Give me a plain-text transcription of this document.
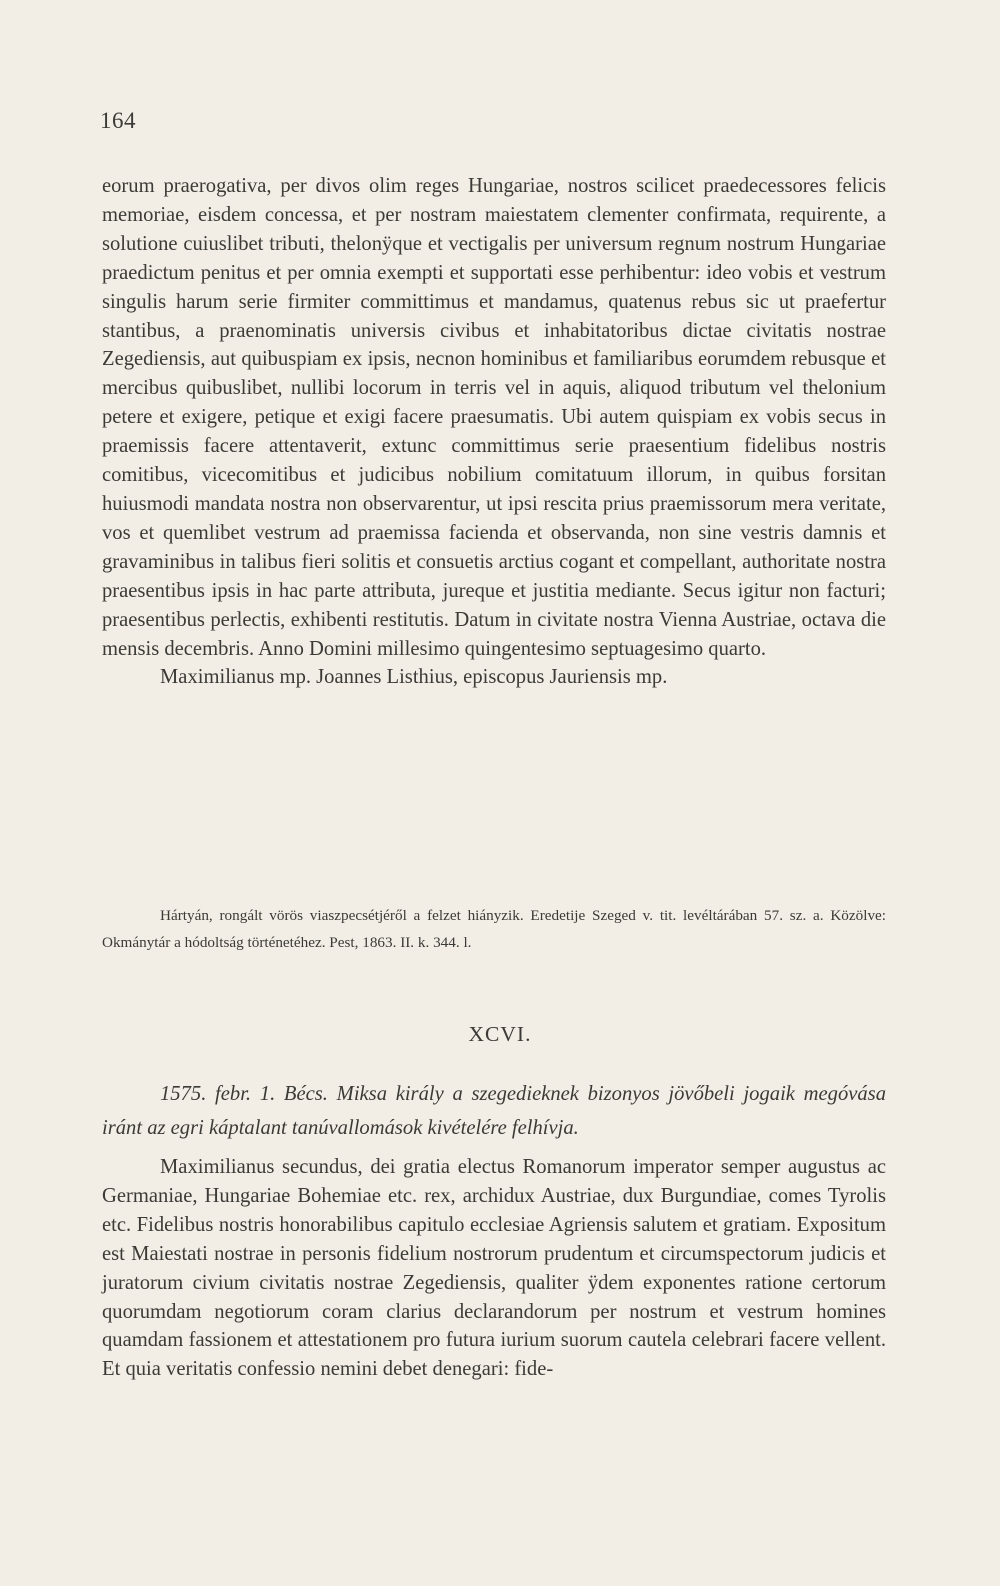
164

eorum praerogativa, per divos olim reges Hungariae, nostros scilicet praedecessores felicis memoriae, eisdem concessa, et per nostram maiestatem clementer confirmata, requirente, a solutione cuiuslibet tributi, thelonÿque et vectigalis per universum regnum nostrum Hungariae praedictum penitus et per omnia exempti et supportati esse perhibentur: ideo vobis et vestrum singulis harum serie firmiter committimus et mandamus, quatenus rebus sic ut praefertur stantibus, a praenominatis universis civibus et inhabitatoribus dictae civitatis nostrae Zegediensis, aut quibuspiam ex ipsis, necnon hominibus et familiaribus eorumdem rebusque et mercibus quibuslibet, nullibi locorum in terris vel in aquis, aliquod tributum vel thelonium petere et exigere, petique et exigi facere praesumatis. Ubi autem quispiam ex vobis secus in praemissis facere attentaverit, extunc committimus serie praesentium fidelibus nostris comitibus, vicecomitibus et judicibus nobilium comitatuum illorum, in quibus forsitan huiusmodi mandata nostra non observarentur, ut ipsi rescita prius praemissorum mera veritate, vos et quemlibet vestrum ad praemissa facienda et observanda, non sine vestris damnis et gravaminibus in talibus fieri solitis et consuetis arctius cogant et compellant, authoritate nostra praesentibus ipsis in hac parte attributa, jureque et justitia mediante. Secus igitur non facturi; praesentibus perlectis, exhibenti restitutis. Datum in civitate nostra Vienna Austriae, octava die mensis decembris. Anno Domini millesimo quingentesimo septuagesimo quarto.

Maximilianus mp. Joannes Listhius, episcopus Jauriensis mp.

Hártyán, rongált vörös viaszpecsétjéről a felzet hiányzik. Eredetije Szeged v. tit. levéltárában 57. sz. a. Közölve: Okmánytár a hódoltság történetéhez. Pest, 1863. II. k. 344. l.

XCVI.

1575. febr. 1. Bécs. Miksa király a szegedieknek bizonyos jövőbeli jogaik megóvása iránt az egri káptalant tanúvallomások kivételére felhívja.

Maximilianus secundus, dei gratia electus Romanorum imperator semper augustus ac Germaniae, Hungariae Bohemiae etc. rex, archidux Austriae, dux Burgundiae, comes Tyrolis etc. Fidelibus nostris honorabilibus capitulo ecclesiae Agriensis salutem et gratiam. Expositum est Maiestati nostrae in personis fidelium nostrorum prudentum et circumspectorum judicis et juratorum civium civitatis nostrae Zegediensis, qualiter ÿdem exponentes ratione certorum quorumdam negotiorum coram clarius declarandorum per nostrum et vestrum homines quamdam fassionem et attestationem pro futura iurium suorum cautela celebrari facere vellent. Et quia veritatis confessio nemini debet denegari: fide-
